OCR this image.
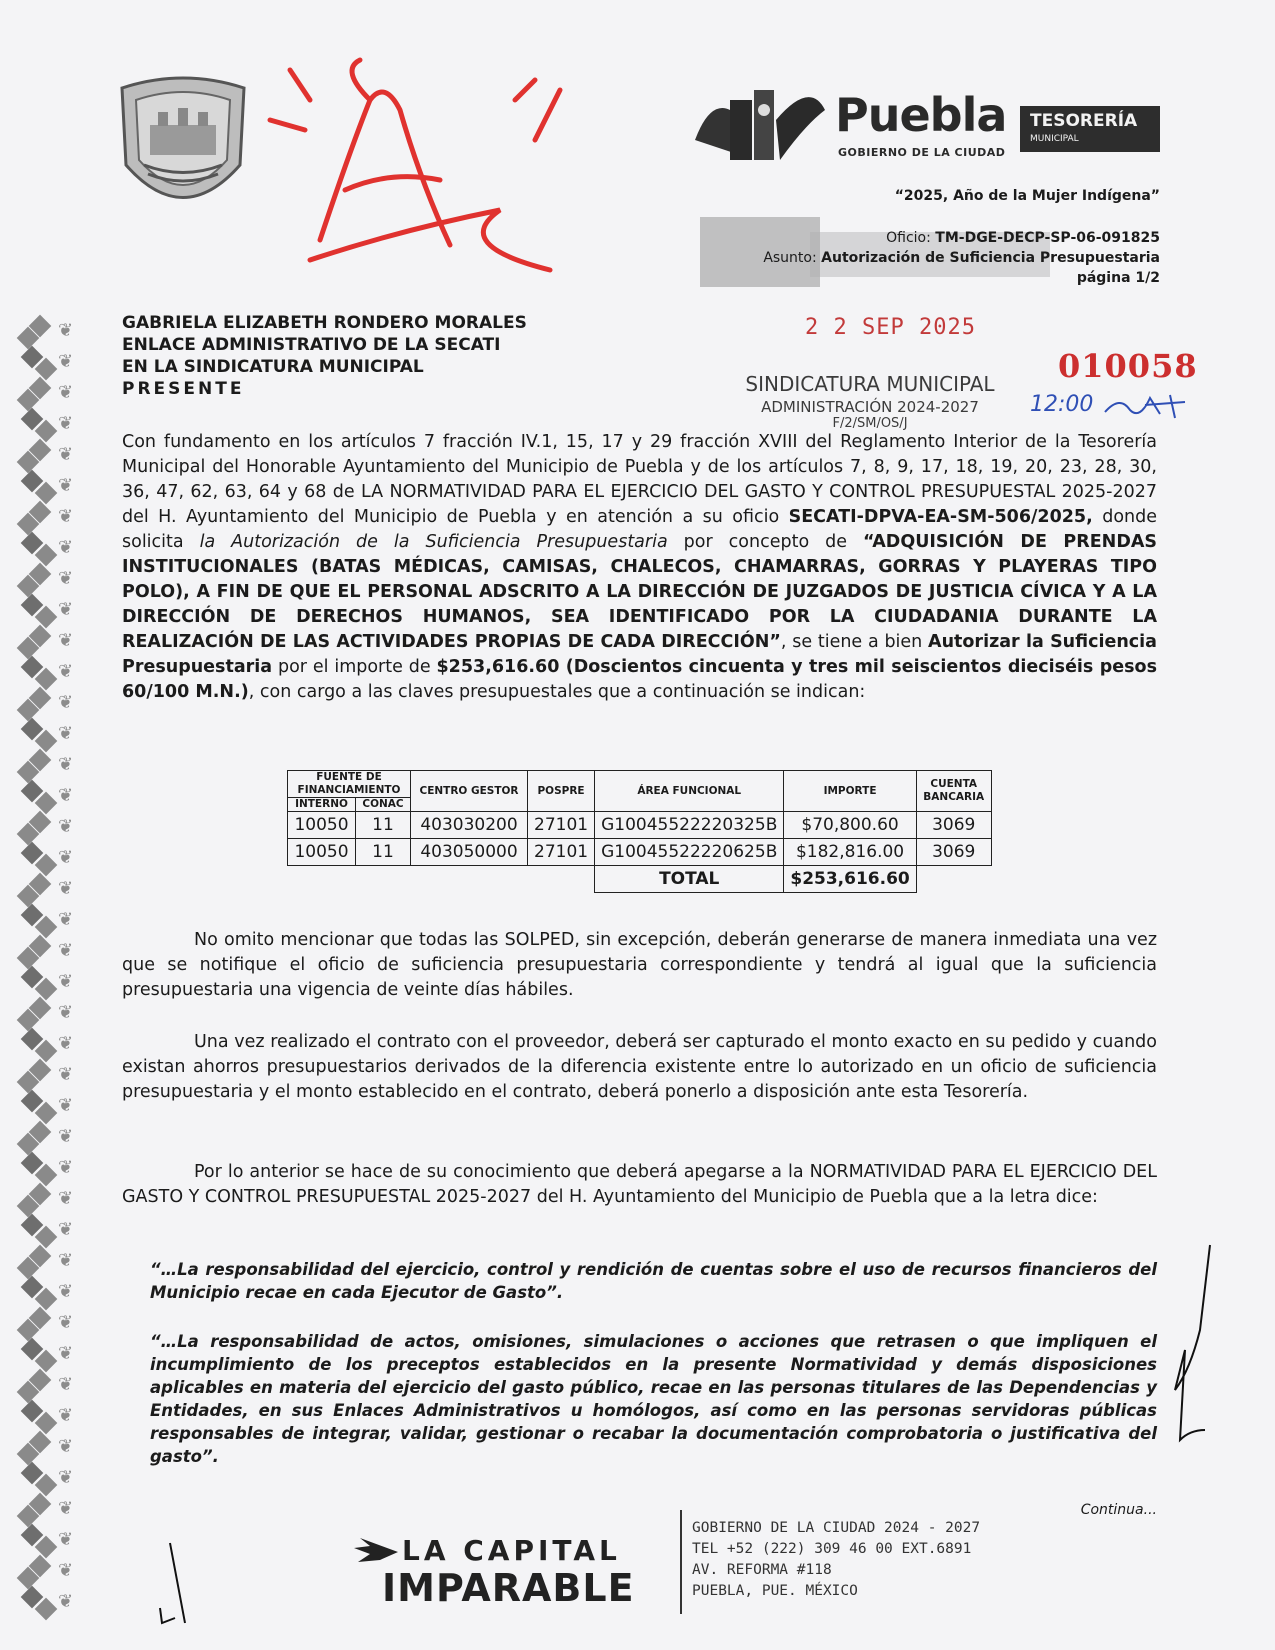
❦
❦
❦
❦
❦
❦
❦
❦
❦
❦
❦
❦
❦
❦
❦
❦
❦
❦
❦
❦
❦
❦
❦
❦
❦
❦
❦
❦
❦
❦
❦
❦
❦
❦
❦
❦
❦
❦
❦
❦
❦
❦
Puebla
GOBIERNO DE LA CIUDAD
TESORERÍA
MUNICIPAL
“2025, Año de la Mujer Indígena”
Oficio: TM-DGE-DECP-SP-06-091825
Asunto: Autorización de Suficiencia Presupuestaria
página 1/2
2 2 SEP 2025
010058
SINDICATURA MUNICIPAL
ADMINISTRACIÓN 2024-2027
F/2/SM/OS/J
12:00
GABRIELA ELIZABETH RONDERO MORALES
ENLACE ADMINISTRATIVO DE LA SECATI
EN LA SINDICATURA MUNICIPAL
PRESENTE
Con fundamento en los artículos 7 fracción IV.1, 15, 17 y 29 fracción XVIII del Reglamento Interior de la Tesorería Municipal del Honorable Ayuntamiento del Municipio de Puebla y de los artículos 7, 8, 9, 17, 18, 19, 20, 23, 28, 30, 36, 47, 62, 63, 64 y 68 de LA NORMATIVIDAD PARA EL EJERCICIO DEL GASTO Y CONTROL PRESUPUESTAL 2025-2027 del H. Ayuntamiento del Municipio de Puebla y en atención a su oficio SECATI-DPVA-EA-SM-506/2025, donde solicita la Autorización de la Suficiencia Presupuestaria por concepto de “ADQUISICIÓN DE PRENDAS INSTITUCIONALES (BATAS MÉDICAS, CAMISAS, CHALECOS, CHAMARRAS, GORRAS Y PLAYERAS TIPO POLO), A FIN DE QUE EL PERSONAL ADSCRITO A LA DIRECCIÓN DE JUZGADOS DE JUSTICIA CÍVICA Y A LA DIRECCIÓN DE DERECHOS HUMANOS, SEA IDENTIFICADO POR LA CIUDADANIA DURANTE LA REALIZACIÓN DE LAS ACTIVIDADES PROPIAS DE CADA DIRECCIÓN”, se tiene a bien Autorizar la Suficiencia Presupuestaria por el importe de $253,616.60 (Doscientos cincuenta y tres mil seiscientos dieciséis pesos 60/100 M.N.), con cargo a las claves presupuestales que a continuación se indican:
FUENTE DE FINANCIAMIENTO		CENTRO GESTOR	POSPRE	ÁREA FUNCIONAL	IMPORTE	CUENTA BANCARIA
INTERNO	CONAC					
10050	11	403030200	27101	G10045522220325B	$70,800.60	3069
10050	11	403050000	27101	G10045522220625B	$182,816.00	3069
				TOTAL	$253,616.60	
No omito mencionar que todas las SOLPED, sin excepción, deberán generarse de manera inmediata una vez que se notifique el oficio de suficiencia presupuestaria correspondiente y tendrá al igual que la suficiencia presupuestaria una vigencia de veinte días hábiles.
Una vez realizado el contrato con el proveedor, deberá ser capturado el monto exacto en su pedido y cuando existan ahorros presupuestarios derivados de la diferencia existente entre lo autorizado en un oficio de suficiencia presupuestaria y el monto establecido en el contrato, deberá ponerlo a disposición ante esta Tesorería.
Por lo anterior se hace de su conocimiento que deberá apegarse a la NORMATIVIDAD PARA EL EJERCICIO DEL GASTO Y CONTROL PRESUPUESTAL 2025-2027 del H. Ayuntamiento del Municipio de Puebla que a la letra dice:
“…La responsabilidad del ejercicio, control y rendición de cuentas sobre el uso de recursos financieros del Municipio recae en cada Ejecutor de Gasto”.
“…La responsabilidad de actos, omisiones, simulaciones o acciones que retrasen o que impliquen el incumplimiento de los preceptos establecidos en la presente Normatividad y demás disposiciones aplicables en materia del ejercicio del gasto público, recae en las personas titulares de las Dependencias y Entidades, en sus Enlaces Administrativos u homólogos, así como en las personas servidoras públicas responsables de integrar, validar, gestionar o recabar la documentación comprobatoria o justificativa del gasto”.
Continua...
LA CAPITAL
IMPARABLE
GOBIERNO DE LA CIUDAD 2024 - 2027
TEL +52 (222) 309 46 00 EXT.6891
AV. REFORMA #118
PUEBLA, PUE. MÉXICO
